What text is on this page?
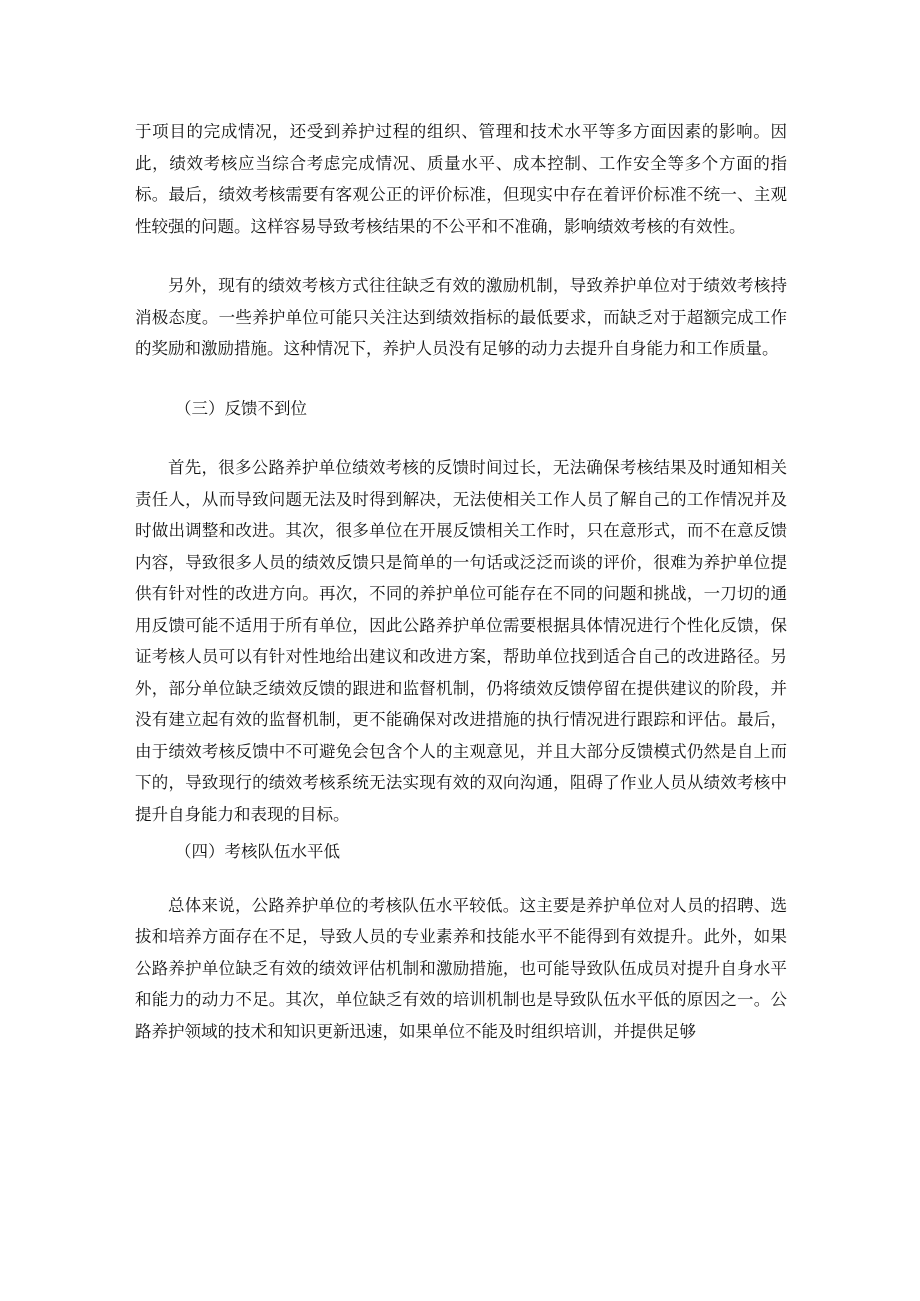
于项目的完成情况，还受到养护过程的组织、管理和技术水平等多方面因素的影响。因此，绩效考核应当综合考虑完成情况、质量水平、成本控制、工作安全等多个方面的指标。最后，绩效考核需要有客观公正的评价标准，但现实中存在着评价标准不统一、主观性较强的问题。这样容易导致考核结果的不公平和不准确，影响绩效考核的有效性。

另外，现有的绩效考核方式往往缺乏有效的激励机制，导致养护单位对于绩效考核持消极态度。一些养护单位可能只关注达到绩效指标的最低要求，而缺乏对于超额完成工作的奖励和激励措施。这种情况下，养护人员没有足够的动力去提升自身能力和工作质量。

（三）反馈不到位

首先，很多公路养护单位绩效考核的反馈时间过长，无法确保考核结果及时通知相关责任人，从而导致问题无法及时得到解决，无法使相关工作人员了解自己的工作情况并及时做出调整和改进。其次，很多单位在开展反馈相关工作时，只在意形式，而不在意反馈内容，导致很多人员的绩效反馈只是简单的一句话或泛泛而谈的评价，很难为养护单位提供有针对性的改进方向。再次，不同的养护单位可能存在不同的问题和挑战，一刀切的通用反馈可能不适用于所有单位，因此公路养护单位需要根据具体情况进行个性化反馈，保证考核人员可以有针对性地给出建议和改进方案，帮助单位找到适合自己的改进路径。另外，部分单位缺乏绩效反馈的跟进和监督机制，仍将绩效反馈停留在提供建议的阶段，并没有建立起有效的监督机制，更不能确保对改进措施的执行情况进行跟踪和评估。最后，由于绩效考核反馈中不可避免会包含个人的主观意见，并且大部分反馈模式仍然是自上而下的，导致现行的绩效考核系统无法实现有效的双向沟通，阻碍了作业人员从绩效考核中提升自身能力和表现的目标。

（四）考核队伍水平低

总体来说，公路养护单位的考核队伍水平较低。这主要是养护单位对人员的招聘、选拔和培养方面存在不足，导致人员的专业素养和技能水平不能得到有效提升。此外，如果公路养护单位缺乏有效的绩效评估机制和激励措施，也可能导致队伍成员对提升自身水平和能力的动力不足。其次，单位缺乏有效的培训机制也是导致队伍水平低的原因之一。公路养护领域的技术和知识更新迅速，如果单位不能及时组织培训，并提供足够
